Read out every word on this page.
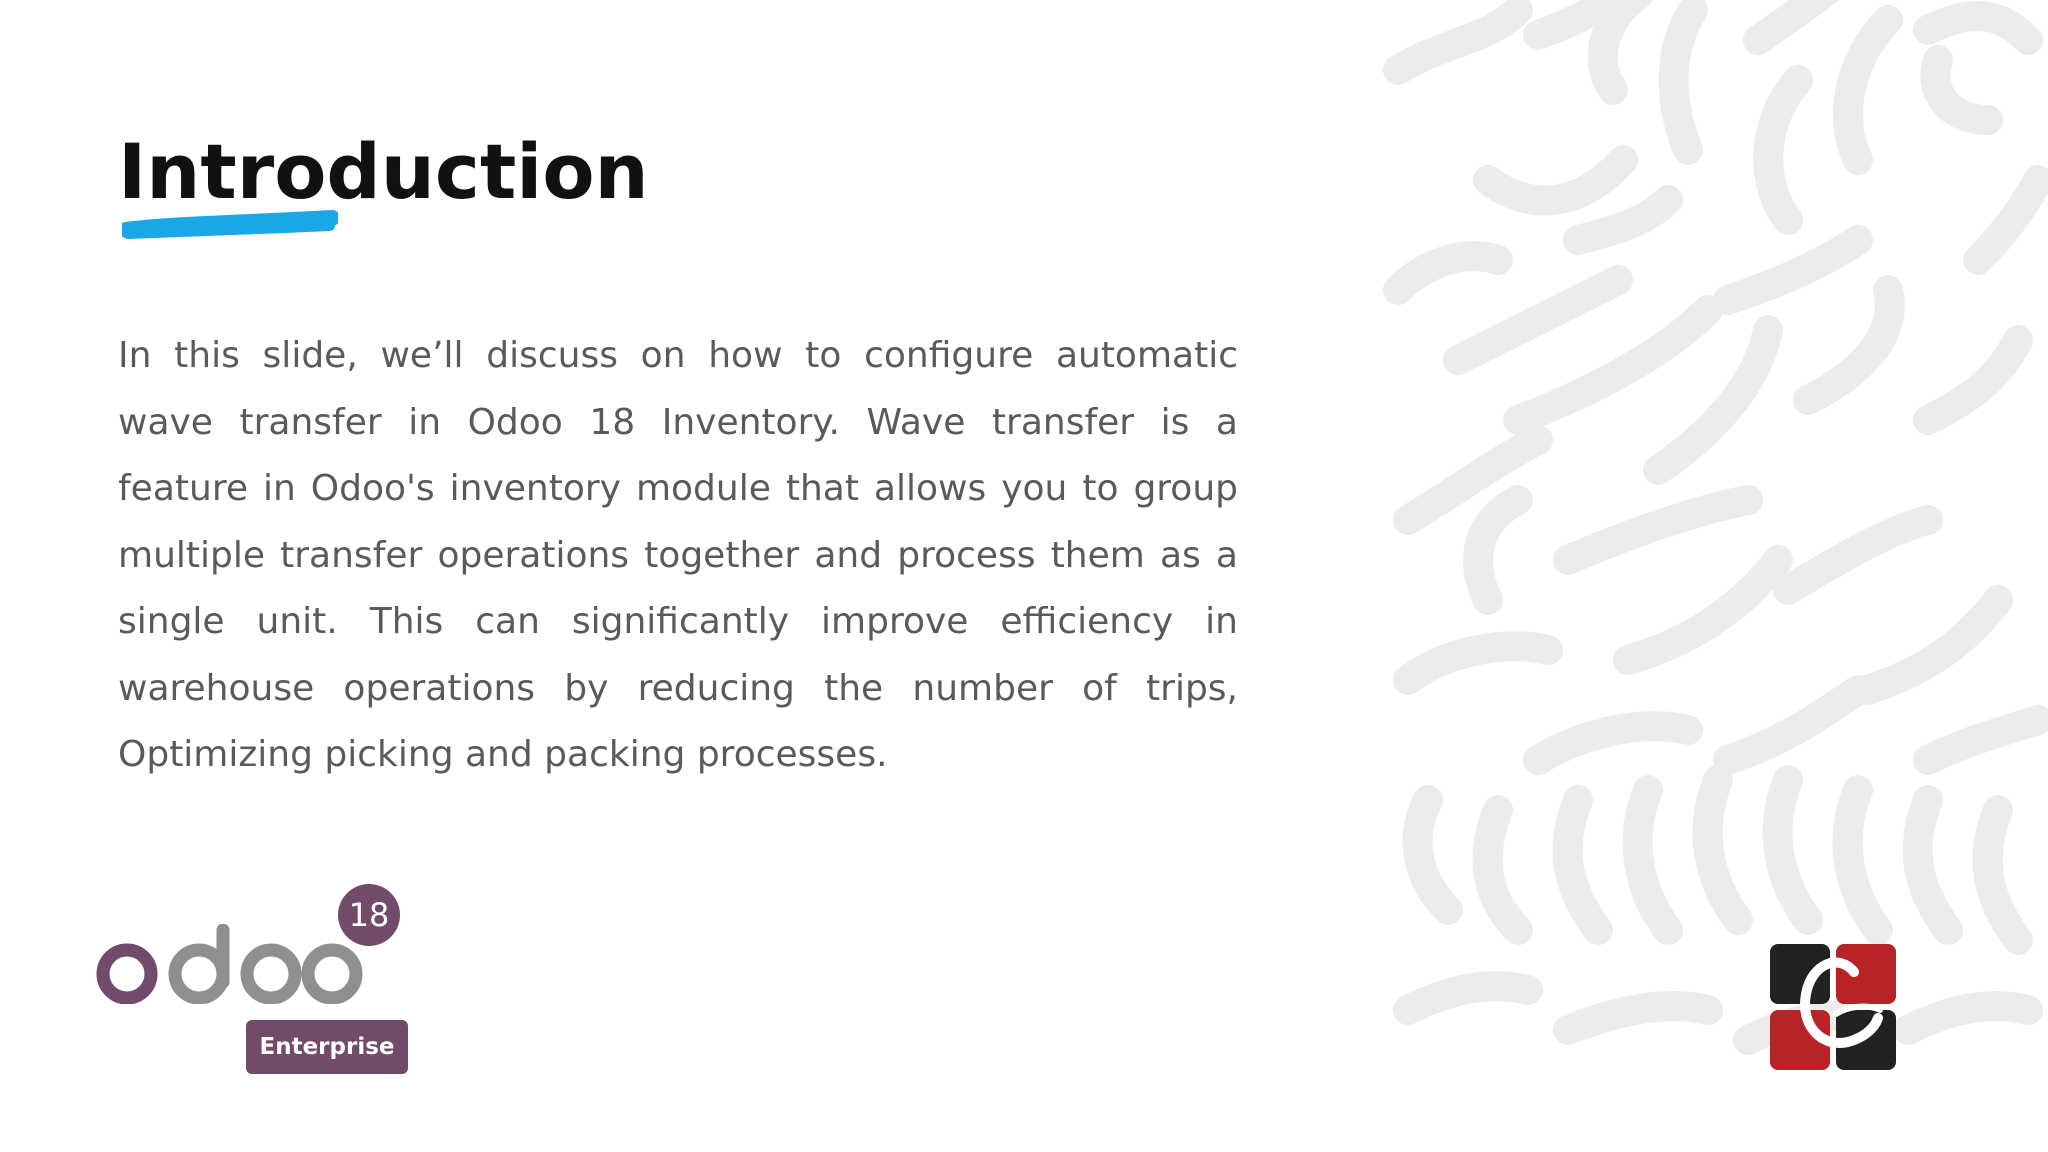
Introduction

In this slide, we’ll discuss on how to configure automatic wave transfer in Odoo 18 Inventory. Wave transfer is a feature in Odoo's inventory module that allows you to group multiple transfer operations together and process them as a single unit. This can significantly improve efficiency in warehouse operations by reducing the number of trips, Optimizing picking and packing processes.

18
Enterprise
